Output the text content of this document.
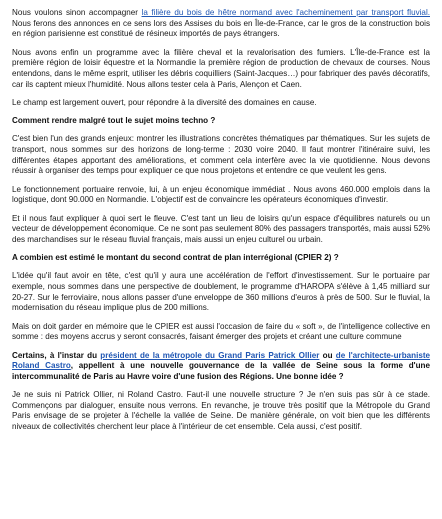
Nous voulons sinon accompagner la filière du bois de hêtre normand avec l'acheminement par transport fluvial. Nous ferons des annonces en ce sens lors des Assises du bois en Île-de-France, car le gros de la construction bois en région parisienne est constitué de résineux importés de pays étrangers.

Nous avons enfin un programme avec la filière cheval et la revalorisation des fumiers. L'Île-de-France est la première région de loisir équestre et la Normandie la première région de production de chevaux de courses. Nous entendons, dans le même esprit, utiliser les débris coquilliers (Saint-Jacques…) pour fabriquer des pavés décoratifs, car ils captent mieux l'humidité. Nous allons tester cela à Paris, Alençon et Caen.

Le champ est largement ouvert, pour répondre à la diversité des domaines en cause.

Comment rendre malgré tout le sujet moins techno ?

C'est bien l'un des grands enjeux: montrer les illustrations concrètes thématiques par thématiques. Sur les sujets de transport, nous sommes sur des horizons de long-terme : 2030 voire 2040. Il faut montrer l'itinéraire suivi, les différentes étapes apportant des améliorations, et comment cela interfère avec la vie quotidienne. Nous devons réussir à organiser des temps pour expliquer ce que nous projetons et entendre ce que veulent les gens.

Le fonctionnement portuaire renvoie, lui, à un enjeu économique immédiat . Nous avons 460.000 emplois dans la logistique, dont 90.000 en Normandie. L'objectif est de convaincre les opérateurs économiques d'investir.

Et il nous faut expliquer à quoi sert le fleuve. C'est tant un lieu de loisirs qu'un espace d'équilibres naturels ou un vecteur de développement économique. Ce ne sont pas seulement 80% des passagers transportés, mais aussi 52% des marchandises sur le réseau fluvial français, mais aussi un enjeu culturel ou urbain.

A combien est estimé le montant du second contrat de plan interrégional (CPIER 2) ?

L'idée qu'il faut avoir en tête, c'est qu'il y aura une accélération de l'effort d'investissement. Sur le portuaire par exemple, nous sommes dans une perspective de doublement, le programme d'HAROPA s'élève à 1,45 milliard sur 20-27. Sur le ferroviaire, nous allons passer d'une enveloppe de 360 millions d'euros à près de 500. Sur le fluvial, la modernisation du réseau implique plus de 200 millions.

Mais on doit garder en mémoire que le CPIER est aussi l'occasion de faire du « soft », de l'intelligence collective en somme : des moyens accrus y seront consacrés, faisant émerger des projets et créant une culture commune

Certains, à l'instar du président de la métropole du Grand Paris Patrick Ollier ou de l'architecte-urbaniste Roland Castro, appellent à une nouvelle gouvernance de la vallée de Seine sous la forme d'une intercommunalité de Paris au Havre voire d'une fusion des Régions. Une bonne idée ?

Je ne suis ni Patrick Ollier, ni Roland Castro. Faut-il une nouvelle structure ? Je n'en suis pas sûr à ce stade. Commençons par dialoguer, ensuite nous verrons. En revanche, je trouve très positif que la Métropole du Grand Paris envisage de se projeter à l'échelle la vallée de Seine. De manière générale, on voit bien que les différents niveaux de collectivités cherchent leur place à l'intérieur de cet ensemble. Cela aussi, c'est positif.
